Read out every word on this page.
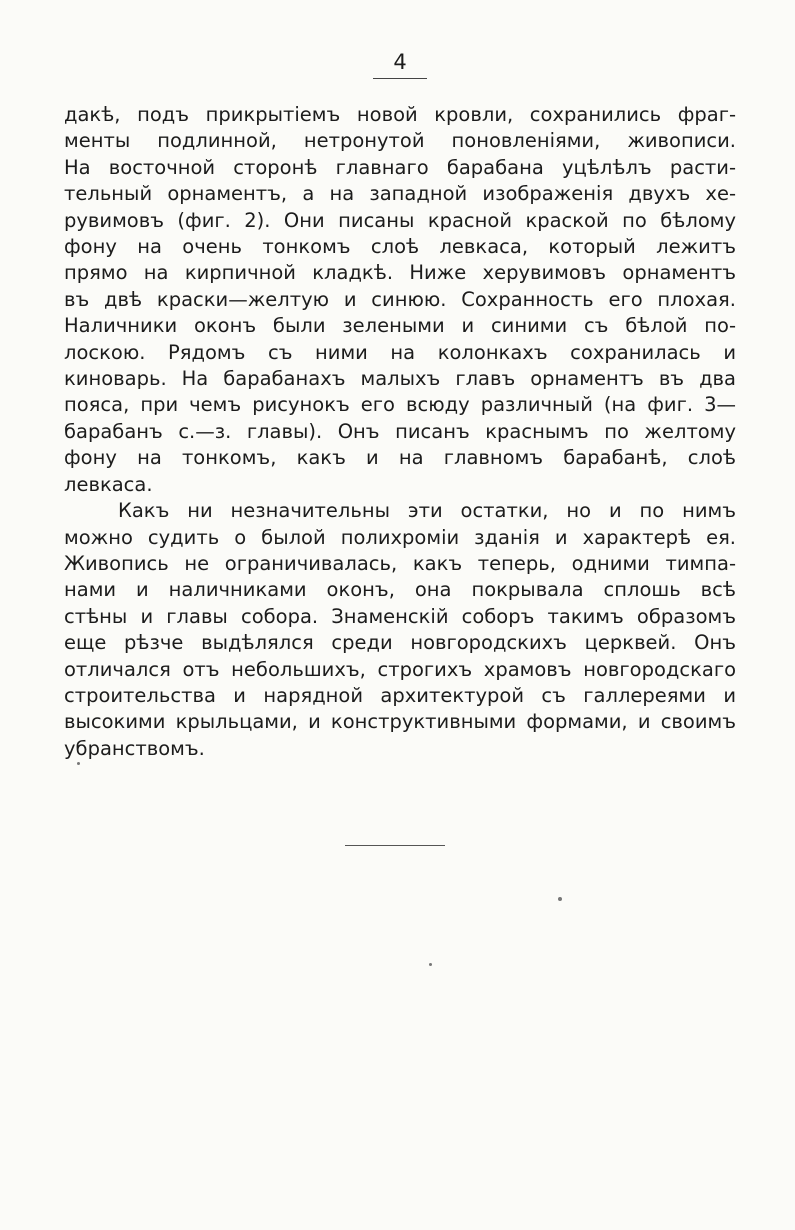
4
дакѣ, подъ прикрытіемъ новой кровли, сохранились фраг-
менты подлинной, нетронутой поновленіями, живописи.
На восточной сторонѣ главнаго барабана уцѣлѣлъ расти-
тельный орнаментъ, а на западной изображенія двухъ хе-
рувимовъ (фиг. 2). Они писаны красной краской по бѣлому
фону на очень тонкомъ слоѣ левкаса, который лежитъ
прямо на кирпичной кладкѣ. Ниже херувимовъ орнаментъ
въ двѣ краски—желтую и синюю. Сохранность его плохая.
Наличники оконъ были зелеными и синими съ бѣлой по-
лоскою. Рядомъ съ ними на колонкахъ сохранилась и
киноварь. На барабанахъ малыхъ главъ орнаментъ въ два
пояса, при чемъ рисунокъ его всюду различный (на фиг. 3—
барабанъ с.—з. главы). Онъ писанъ краснымъ по желтому
фону на тонкомъ, какъ и на главномъ барабанѣ, слоѣ
левкаса.
Какъ ни незначительны эти остатки, но и по нимъ
можно судить о былой полихроміи зданія и характерѣ ея.
Живопись не ограничивалась, какъ теперь, одними тимпа-
нами и наличниками оконъ, она покрывала сплошь всѣ
стѣны и главы собора. Знаменскій соборъ такимъ образомъ
еще рѣзче выдѣлялся среди новгородскихъ церквей. Онъ
отличался отъ небольшихъ, строгихъ храмовъ новгородскаго
строительства и нарядной архитектурой съ галлереями и
высокими крыльцами, и конструктивными формами, и своимъ
убранствомъ.
